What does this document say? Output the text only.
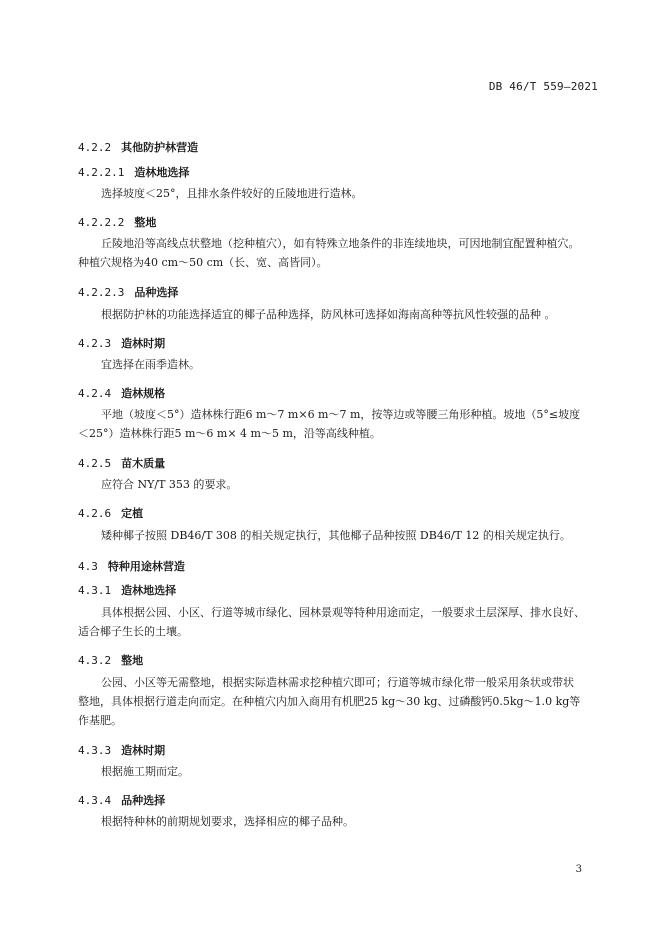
DB 46/T 559—2021
4.2.2 其他防护林营造
4.2.2.1 造林地选择
选择坡度＜25°，且排水条件较好的丘陵地进行造林。
4.2.2.2 整地
丘陵地沿等高线点状整地（挖种植穴），如有特殊立地条件的非连续地块，可因地制宜配置种植穴。
种植穴规格为40 cm～50 cm（长、宽、高皆同）。
4.2.2.3 品种选择
根据防护林的功能选择适宜的椰子品种选择，防风林可选择如海南高种等抗风性较强的品种 。
4.2.3 造林时期
宜选择在雨季造林。
4.2.4 造林规格
平地（坡度＜5°）造林株行距6 m～7 m×6 m～7 m，按等边或等腰三角形种植。坡地（5°≤坡度
＜25°）造林株行距5 m～6 m× 4 m～5 m，沿等高线种植。
4.2.5 苗木质量
应符合 NY/T 353 的要求。
4.2.6 定植
矮种椰子按照 DB46/T 308 的相关规定执行，其他椰子品种按照 DB46/T 12 的相关规定执行。
4.3 特种用途林营造
4.3.1 造林地选择
具体根据公园、小区、行道等城市绿化、园林景观等特种用途而定，一般要求土层深厚、排水良好、
适合椰子生长的土壤。
4.3.2 整地
公园、小区等无需整地，根据实际造林需求挖种植穴即可；行道等城市绿化带一般采用条状或带状
整地，具体根据行道走向而定。在种植穴内加入商用有机肥25 kg～30 kg、过磷酸钙0.5kg～1.0 kg等
作基肥。
4.3.3 造林时期
根据施工期而定。
4.3.4 品种选择
根据特种林的前期规划要求，选择相应的椰子品种。
3
